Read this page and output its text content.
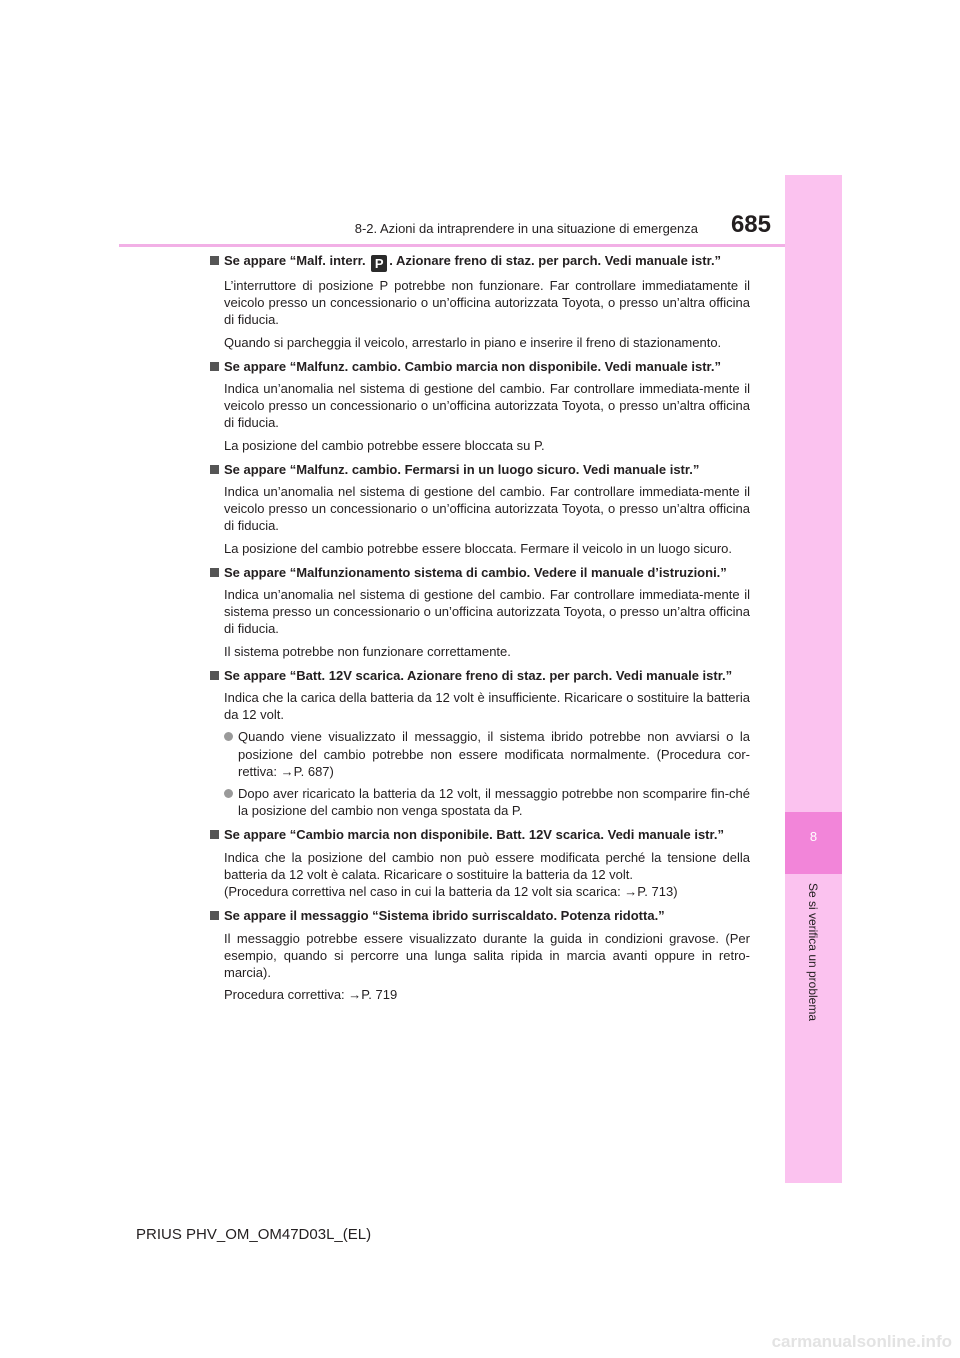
8
Se si verifica un problema
8-2. Azioni da intraprendere in una situazione di emergenza 685
Se appare “Malf. interr. P . Azionare freno di staz. per parch. Vedi manuale istr.”
L’interruttore di posizione P potrebbe non funzionare. Far controllare immediatamente il veicolo presso un concessionario o un’officina autorizzata Toyota, o presso un’altra officina di fiducia.
Quando si parcheggia il veicolo, arrestarlo in piano e inserire il freno di stazionamento.
Se appare “Malfunz. cambio. Cambio marcia non disponibile. Vedi manuale istr.”
Indica un’anomalia nel sistema di gestione del cambio. Far controllare immediata-mente il veicolo presso un concessionario o un’officina autorizzata Toyota, o presso un’altra officina di fiducia.
La posizione del cambio potrebbe essere bloccata su P.
Se appare “Malfunz. cambio. Fermarsi in un luogo sicuro. Vedi manuale istr.”
Indica un’anomalia nel sistema di gestione del cambio. Far controllare immediata-mente il veicolo presso un concessionario o un’officina autorizzata Toyota, o presso un’altra officina di fiducia.
La posizione del cambio potrebbe essere bloccata. Fermare il veicolo in un luogo sicuro.
Se appare “Malfunzionamento sistema di cambio. Vedere il manuale d’istruzioni.”
Indica un’anomalia nel sistema di gestione del cambio. Far controllare immediata-mente il sistema presso un concessionario o un’officina autorizzata Toyota, o presso un’altra officina di fiducia.
Il sistema potrebbe non funzionare correttamente.
Se appare “Batt. 12V scarica. Azionare freno di staz. per parch. Vedi manuale istr.”
Indica che la carica della batteria da 12 volt è insufficiente. Ricaricare o sostituire la batteria da 12 volt.
Quando viene visualizzato il messaggio, il sistema ibrido potrebbe non avviarsi o la posizione del cambio potrebbe non essere modificata normalmente. (Procedura cor-rettiva: →P. 687)
Dopo aver ricaricato la batteria da 12 volt, il messaggio potrebbe non scomparire fin-ché la posizione del cambio non venga spostata da P.
Se appare “Cambio marcia non disponibile. Batt. 12V scarica. Vedi manuale istr.”
Indica che la posizione del cambio non può essere modificata perché la tensione della batteria da 12 volt è calata. Ricaricare o sostituire la batteria da 12 volt.
(Procedura correttiva nel caso in cui la batteria da 12 volt sia scarica: →P. 713)
Se appare il messaggio “Sistema ibrido surriscaldato. Potenza ridotta.”
Il messaggio potrebbe essere visualizzato durante la guida in condizioni gravose. (Per esempio, quando si percorre una lunga salita ripida in marcia avanti oppure in retro-marcia).
Procedura correttiva: →P. 719
PRIUS PHV_OM_OM47D03L_(EL)
carmanualsonline.info
